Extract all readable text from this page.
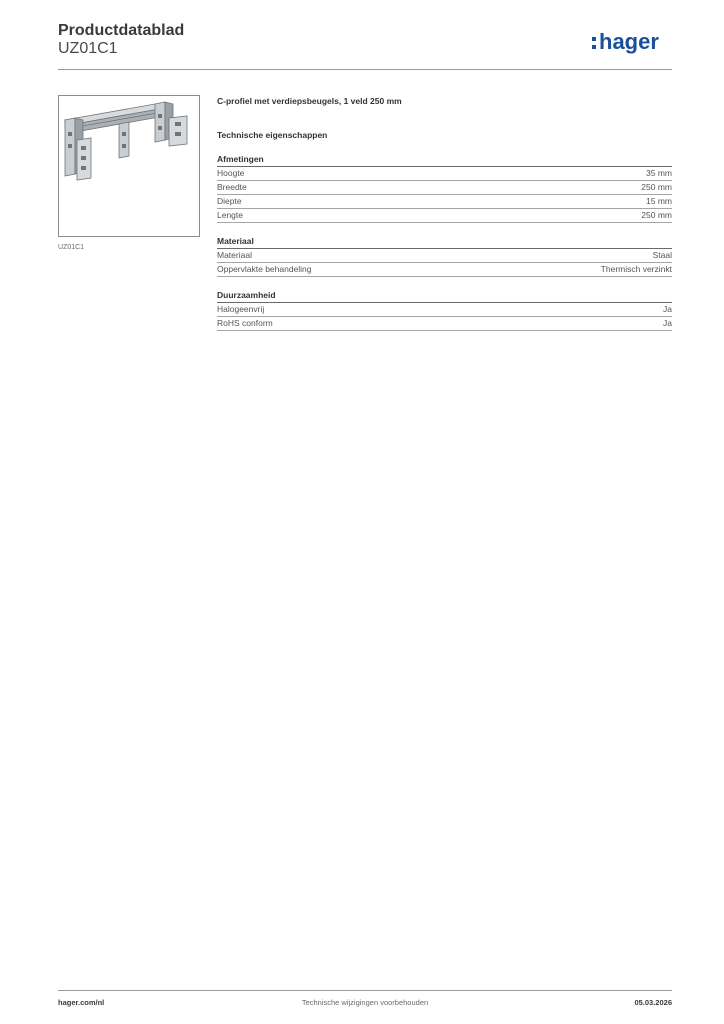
Productdatablad
UZ01C1	hager
UZ01C1
C-profiel met verdiepsbeugels, 1 veld 250 mm
Technische eigenschappen
Afmetingen
Hoogte	35 mm
Breedte	250 mm
Diepte	15 mm
Lengte	250 mm
Materiaal
Materiaal	Staal
Oppervlakte behandeling	Thermisch verzinkt
Duurzaamheid
Halogeenvrij	Ja
RoHS conform	Ja
hager.com/nl	Technische wijzigingen voorbehouden	05.03.2026
